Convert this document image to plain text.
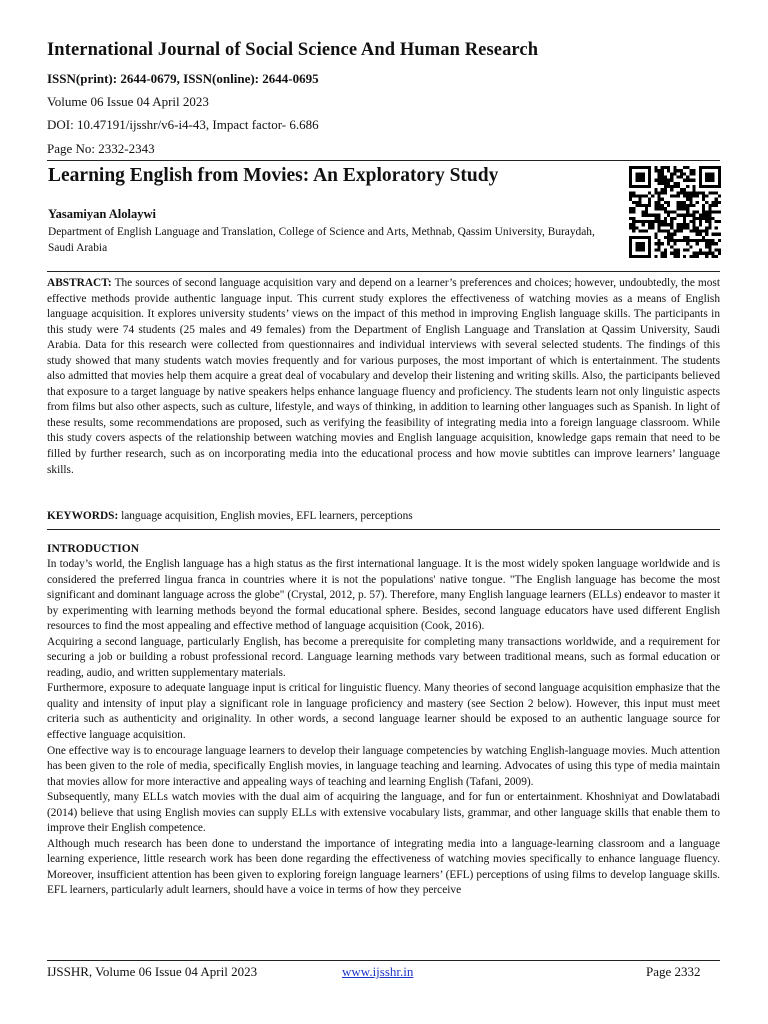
International Journal of Social Science And Human Research
ISSN(print): 2644-0679, ISSN(online): 2644-0695
Volume 06 Issue 04 April 2023
DOI: 10.47191/ijsshr/v6-i4-43, Impact factor- 6.686
Page No: 2332-2343
Learning English from Movies: An Exploratory Study
Yasamiyan Alolaywi
Department of English Language and Translation, College of Science and Arts, Methnab, Qassim University, Buraydah, Saudi Arabia

ABSTRACT: The sources of second language acquisition vary and depend on a learner’s preferences and choices; however, undoubtedly, the most effective methods provide authentic language input. This current study explores the effectiveness of watching movies as a means of English language acquisition. It explores university students’ views on the impact of this method in improving English language skills. The participants in this study were 74 students (25 males and 49 females) from the Department of English Language and Translation at Qassim University, Saudi Arabia. Data for this research were collected from questionnaires and individual interviews with several selected students. The findings of this study showed that many students watch movies frequently and for various purposes, the most important of which is entertainment. The students also admitted that movies help them acquire a great deal of vocabulary and develop their listening and writing skills. Also, the participants believed that exposure to a target language by native speakers helps enhance language fluency and proficiency. The students learn not only linguistic aspects from films but also other aspects, such as culture, lifestyle, and ways of thinking, in addition to learning other languages such as Spanish. In light of these results, some recommendations are proposed, such as verifying the feasibility of integrating media into a foreign language classroom. While this study covers aspects of the relationship between watching movies and English language acquisition, knowledge gaps remain that need to be filled by further research, such as on incorporating media into the educational process and how movie subtitles can improve learners’ language skills.

KEYWORDS: language acquisition, English movies, EFL learners, perceptions

INTRODUCTION

In today’s world, the English language has a high status as the first international language. It is the most widely spoken language worldwide and is considered the preferred lingua franca in countries where it is not the populations' native tongue. "The English language has become the most significant and dominant language across the globe" (Crystal, 2012, p. 57). Therefore, many English language learners (ELLs) endeavor to master it by experimenting with learning methods beyond the formal educational sphere. Besides, second language educators have used different English resources to find the most appealing and effective method of language acquisition (Cook, 2016).

Acquiring a second language, particularly English, has become a prerequisite for completing many transactions worldwide, and a requirement for securing a job or building a robust professional record. Language learning methods vary between traditional means, such as formal education or reading, audio, and written supplementary materials.

Furthermore, exposure to adequate language input is critical for linguistic fluency. Many theories of second language acquisition emphasize that the quality and intensity of input play a significant role in language proficiency and mastery (see Section 2 below). However, this input must meet criteria such as authenticity and originality. In other words, a second language learner should be exposed to an authentic language source for effective language acquisition.

One effective way is to encourage language learners to develop their language competencies by watching English-language movies. Much attention has been given to the role of media, specifically English movies, in language teaching and learning. Advocates of using this type of media maintain that movies allow for more interactive and appealing ways of teaching and learning English (Tafani, 2009).

Subsequently, many ELLs watch movies with the dual aim of acquiring the language, and for fun or entertainment. Khoshniyat and Dowlatabadi (2014) believe that using English movies can supply ELLs with extensive vocabulary lists, grammar, and other language skills that enable them to improve their English competence.

Although much research has been done to understand the importance of integrating media into a language-learning classroom and a language learning experience, little research work has been done regarding the effectiveness of watching movies specifically to enhance language fluency. Moreover, insufficient attention has been given to exploring foreign language learners’ (EFL) perceptions of using films to develop language skills. EFL learners, particularly adult learners, should have a voice in terms of how they perceive

IJSSHR, Volume 06 Issue 04 April 2023	www.ijsshr.in	Page 2332
